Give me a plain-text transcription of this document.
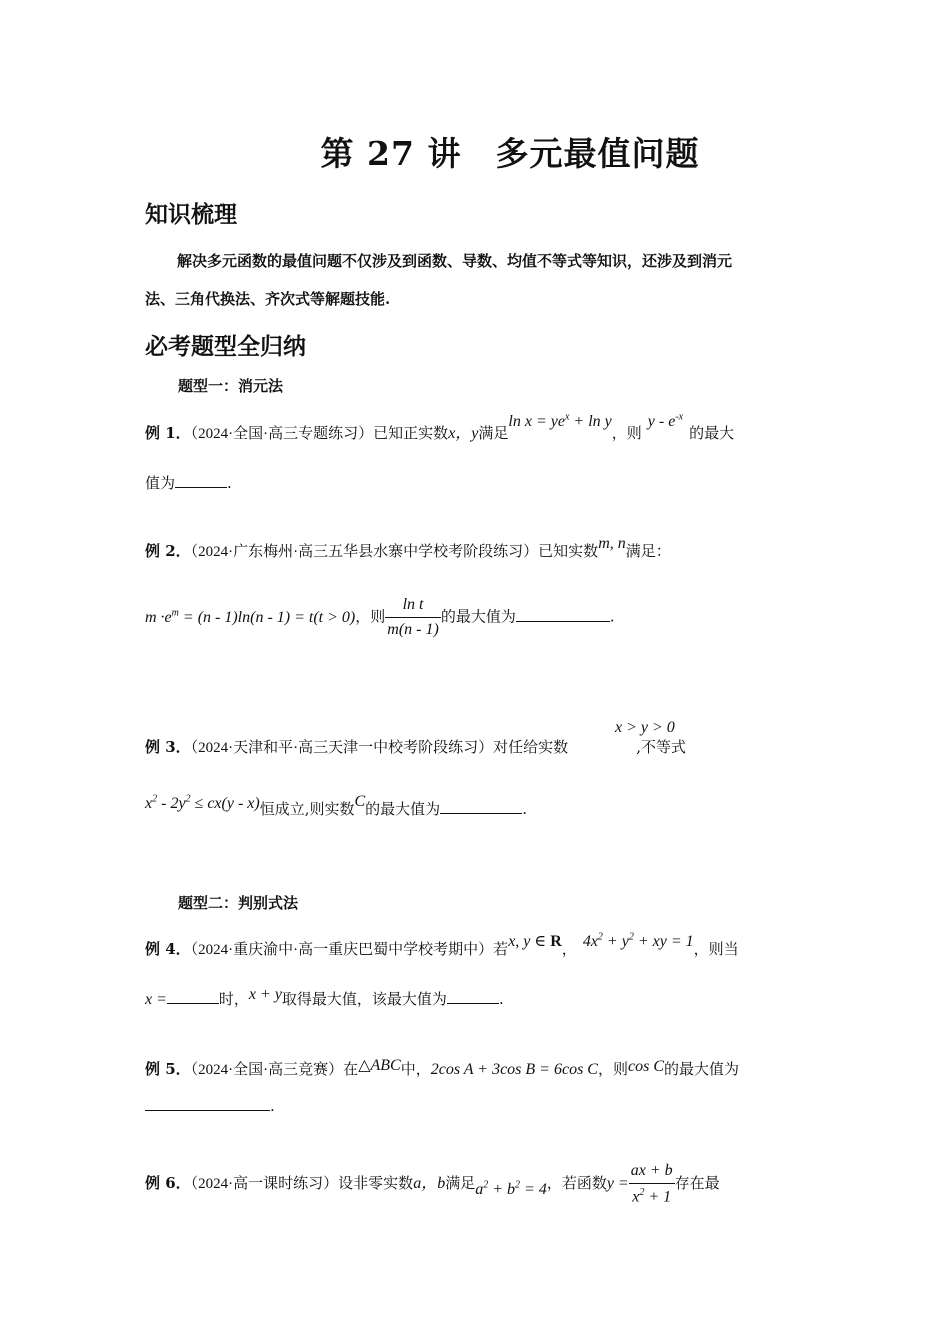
第 27 讲　多元最值问题
知识梳理
解决多元函数的最值问题不仅涉及到函数、导数、均值不等式等知识，还涉及到消元
法、三角代换法、齐次式等解题技能.
必考题型全归纳
题型一：消元法
例 1．（2024·全国·高三专题练习）已知正实数x，y满足$\ln x = ye^x + \ln y$，则y - $e^{-x}$的最大
值为	.
例 2．（2024·广东梅州·高三五华县水寨中学校考阶段练习）已知实数m, n满足：
$m \cdot e^m = (n - 1)\ln(n - 1) = t(t > 0)$，则 $\frac{\text{ln t}}{m(n - 1)}$ 的最大值为	.
x > y > 0
例 3．（2024·天津和平·高三天津一中校考阶段练习）对任给实数	,不等式
$x^2 - 2y^2 \le cx(y - x)$恒成立,则实数C的最大值为	.
题型二：判别式法
例 4．（2024·重庆渝中·高一重庆巴蜀中学校考期中）若x, y ∈ R， $4x^2 + y^2$ + xy = 1，则当
x =	时，x + y取得最大值，该最大值为	.
例 5．（2024·全国·高三竞赛）在△ABC中，2cos A + 3cos B = 6cos C，则cos C的最大值为
.
例 6．（2024·高一课时练习）设非零实数a，b满足$a^2 + b^2 = 4$，若函数$y = \frac{ax + b}{x^2 + 1}$ 存在最
